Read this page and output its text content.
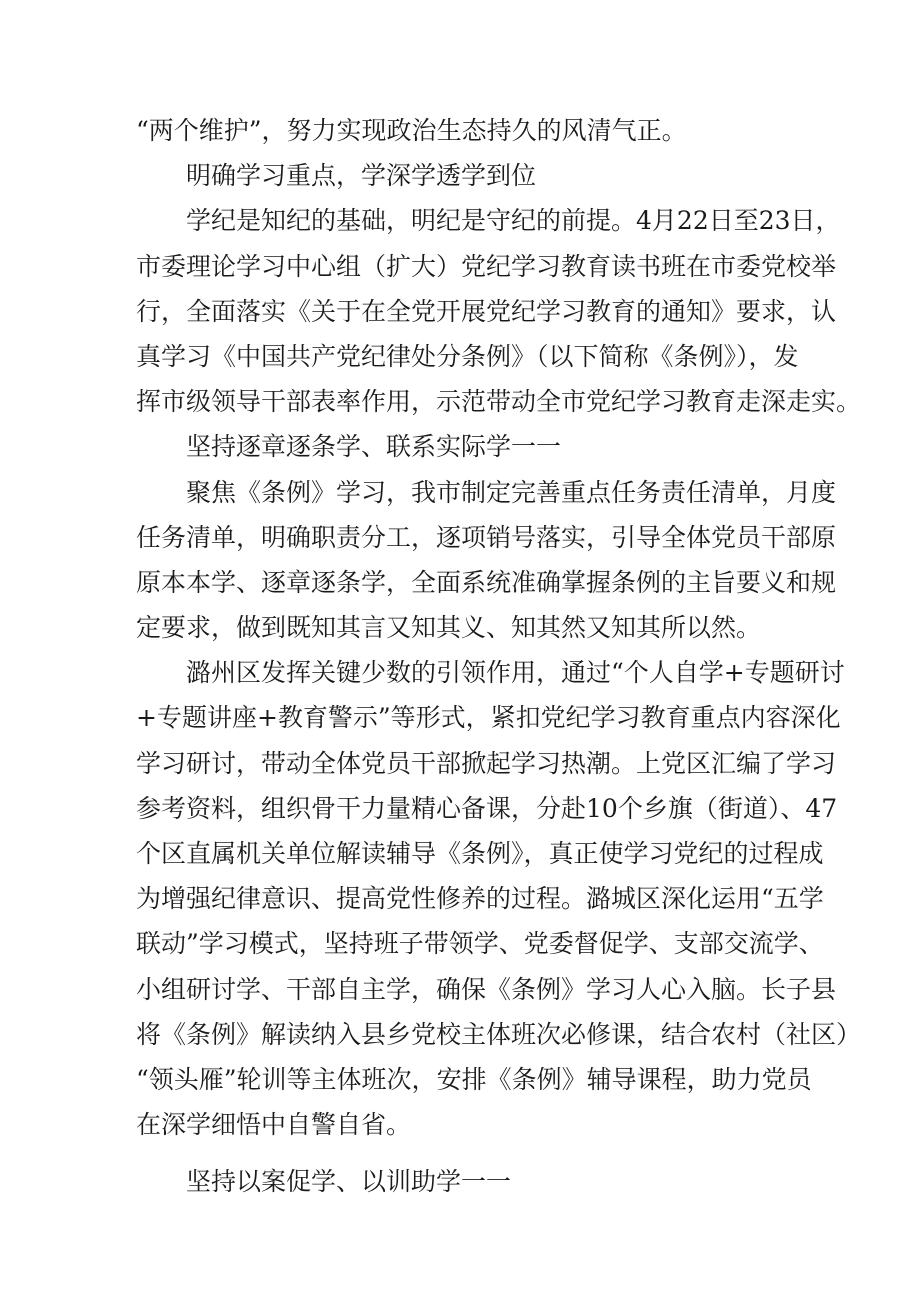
“两个维护”，努力实现政治生态持久的风清气正。
明确学习重点，学深学透学到位
学纪是知纪的基础，明纪是守纪的前提。4月22日至23日，
市委理论学习中心组（扩大）党纪学习教育读书班在市委党校举
行，全面落实《关于在全党开展党纪学习教育的通知》要求，认
真学习《中国共产党纪律处分条例》（以下简称《条例》），发
挥市级领导干部表率作用，示范带动全市党纪学习教育走深走实。
坚持逐章逐条学、联系实际学一一
聚焦《条例》学习，我市制定完善重点任务责任清单，月度
任务清单，明确职责分工，逐项销号落实，引导全体党员干部原
原本本学、逐章逐条学，全面系统准确掌握条例的主旨要义和规
定要求，做到既知其言又知其义、知其然又知其所以然。
潞州区发挥关键少数的引领作用，通过“个人自学+专题研讨
+专题讲座+教育警示”等形式，紧扣党纪学习教育重点内容深化
学习研讨，带动全体党员干部掀起学习热潮。上党区汇编了学习
参考资料，组织骨干力量精心备课，分赴10个乡旗（街道）、47
个区直属机关单位解读辅导《条例》，真正使学习党纪的过程成
为增强纪律意识、提高党性修养的过程。潞城区深化运用“五学
联动”学习模式，坚持班子带领学、党委督促学、支部交流学、
小组研讨学、干部自主学，确保《条例》学习人心入脑。长子县
将《条例》解读纳入县乡党校主体班次必修课，结合农村（社区）
“领头雁”轮训等主体班次，安排《条例》辅导课程，助力党员
在深学细悟中自警自省。
坚持以案促学、以训助学一一
